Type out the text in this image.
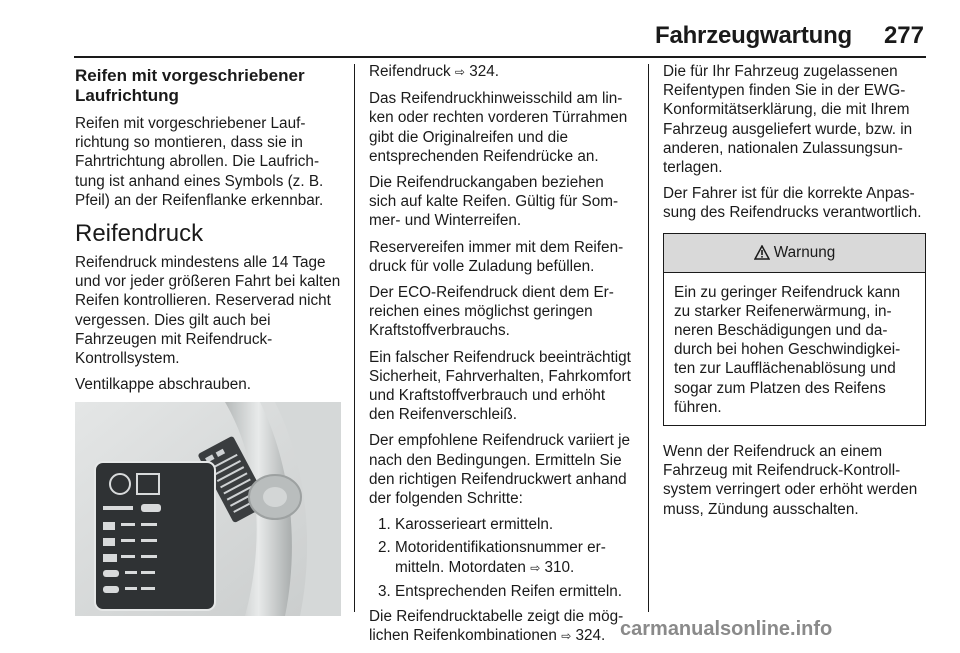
Fahrzeugwartung 277
Reifen mit vorgeschriebener Laufrichtung

Reifen mit vorgeschriebener Laufrichtung so montieren, dass sie in Fahrtrichtung abrollen. Die Laufrichtung ist anhand eines Symbols (z. B. Pfeil) an der Reifenflanke erkennbar.

Reifendruck

Reifendruck mindestens alle 14 Tage und vor jeder größeren Fahrt bei kalten Reifen kontrollieren. Reserverad nicht vergessen. Dies gilt auch bei Fahrzeugen mit Reifendruck-Kontrollsystem.

Ventilkappe abschrauben.

Reifendruck ⇨ 324.

Das Reifendruckhinweisschild am linken oder rechten vorderen Türrahmen gibt die Originalreifen und die entsprechenden Reifendrücke an.

Die Reifendruckangaben beziehen sich auf kalte Reifen. Gültig für Sommer- und Winterreifen.

Reservereifen immer mit dem Reifendruck für volle Zuladung befüllen.

Der ECO-Reifendruck dient dem Erreichen eines möglichst geringen Kraftstoffverbrauchs.

Ein falscher Reifendruck beeinträchtigt Sicherheit, Fahrverhalten, Fahrkomfort und Kraftstoffverbrauch und erhöht den Reifenverschleiß.

Der empfohlene Reifendruck variiert je nach den Bedingungen. Ermitteln Sie den richtigen Reifendruckwert anhand der folgenden Schritte:

1. Karosserieart ermitteln.
2. Motoridentifikationsnummer ermitteln. Motordaten ⇨ 310.
3. Entsprechenden Reifen ermitteln.

Die Reifendrucktabelle zeigt die möglichen Reifenkombinationen ⇨ 324.

Die für Ihr Fahrzeug zugelassenen Reifentypen finden Sie in der EWG-Konformitätserklärung, die mit Ihrem Fahrzeug ausgeliefert wurde, bzw. in anderen, nationalen Zulassungsunterlagen.

Der Fahrer ist für die korrekte Anpassung des Reifendrucks verantwortlich.

Warnung
Ein zu geringer Reifendruck kann zu starker Reifenerwärmung, inneren Beschädigungen und dadurch bei hohen Geschwindigkeiten zur Laufflächenablösung und sogar zum Platzen des Reifens führen.

Wenn der Reifendruck an einem Fahrzeug mit Reifendruck-Kontrollsystem verringert oder erhöht werden muss, Zündung ausschalten.

carmanualsonline.info
